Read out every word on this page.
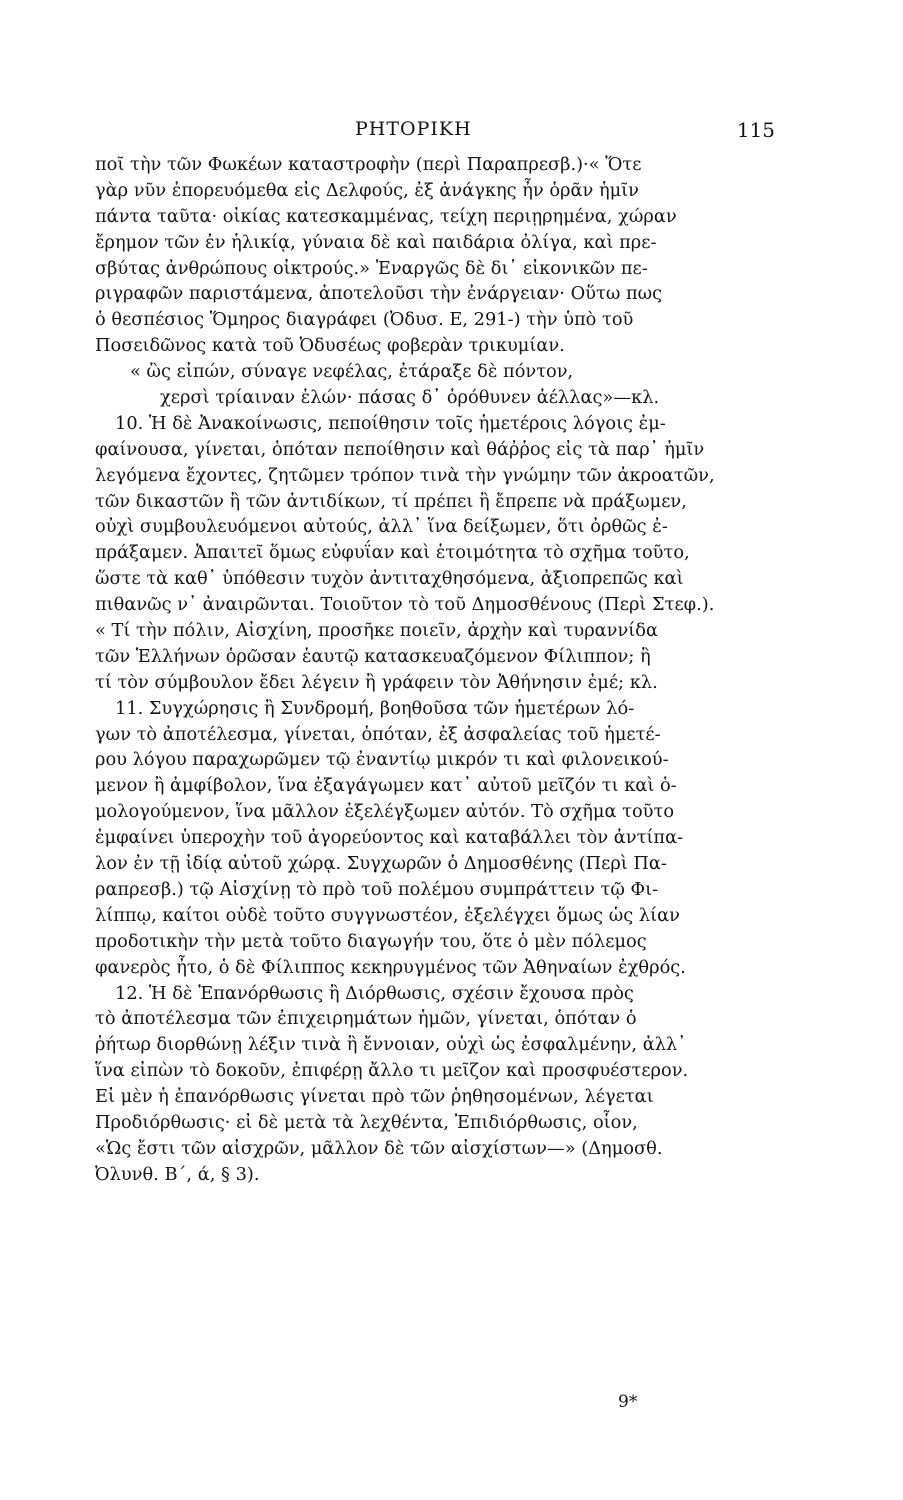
ΡΗΤΟΡΙΚΗ	115
ποῖ τὴν τῶν Φωκέων καταστροφὴν (περὶ Παραπρεσβ.)·« Ὅτε
γὰρ νῦν ἐπορευόμεθα εἰς Δελφούς, ἐξ ἀνάγκης ἦν ὁρᾶν ἡμῖν
πάντα ταῦτα· οἰκίας κατεσκαμμένας, τείχη περιῃρημένα, χώραν
ἔρημον τῶν ἐν ἡλικίᾳ, γύναια δὲ καὶ παιδάρια ὀλίγα, καὶ πρε-
σβύτας ἀνθρώπους οἰκτρούς.» Ἐναργῶς δὲ δι᾽ εἰκονικῶν πε-
ριγραφῶν παριστάμενα, ἀποτελοῦσι τὴν ἐνάργειαν· Οὕτω πως
ὁ θεσπέσιος Ὅμηρος διαγράφει (Ὀδυσ. Ε, 291-) τὴν ὑπὸ τοῦ
Ποσειδῶνος κατὰ τοῦ Ὀδυσέως φοβερὰν τρικυμίαν.
« ὣς εἰπών, σύναγε νεφέλας, ἐτάραξε δὲ πόντον,
χερσὶ τρίαιναν ἑλών· πάσας δ᾽ ὀρόθυνεν ἀέλλας»—κλ.
10. Ἡ δὲ Ἀνακοίνωσις, πεποίθησιν τοῖς ἡμετέροις λόγοις ἐμ-
φαίνουσα, γίνεται, ὁπόταν πεποίθησιν καὶ θάῤῥος εἰς τὰ παρ᾽ ἡμῖν
λεγόμενα ἔχοντες, ζητῶμεν τρόπον τινὰ τὴν γνώμην τῶν ἀκροατῶν,
τῶν δικαστῶν ἢ τῶν ἀντιδίκων, τί πρέπει ἢ ἔπρεπε νὰ πράξωμεν,
οὐχὶ συμβουλευόμενοι αὐτούς, ἀλλ᾽ ἵνα δείξωμεν, ὅτι ὀρθῶς ἐ-
πράξαμεν. Ἀπαιτεῖ ὅμως εὐφυΐαν καὶ ἑτοιμότητα τὸ σχῆμα τοῦτο,
ὥστε τὰ καθ᾽ ὑπόθεσιν τυχὸν ἀντιταχθησόμενα, ἀξιοπρεπῶς καὶ
πιθανῶς ν᾽ ἀναιρῶνται. Τοιοῦτον τὸ τοῦ Δημοσθένους (Περὶ Στεφ.).
« Τί τὴν πόλιν, Αἰσχίνη, προσῆκε ποιεῖν, ἀρχὴν καὶ τυραννίδα
τῶν Ἑλλήνων ὁρῶσαν ἑαυτῷ κατασκευαζόμενον Φίλιππον; ἢ
τί τὸν σύμβουλον ἔδει λέγειν ἢ γράφειν τὸν Ἀθήνησιν ἐμέ; κλ.
11. Συγχώρησις ἢ Συνδρομή, βοηθοῦσα τῶν ἡμετέρων λό-
γων τὸ ἀποτέλεσμα, γίνεται, ὁπόταν, ἐξ ἀσφαλείας τοῦ ἡμετέ-
ρου λόγου παραχωρῶμεν τῷ ἐναντίῳ μικρόν τι καὶ φιλονεικού-
μενον ἢ ἀμφίβολον, ἵνα ἐξαγάγωμεν κατ᾽ αὐτοῦ μεῖζόν τι καὶ ὁ-
μολογούμενον, ἵνα μᾶλλον ἐξελέγξωμεν αὐτόν. Τὸ σχῆμα τοῦτο
ἐμφαίνει ὑπεροχὴν τοῦ ἀγορεύοντος καὶ καταβάλλει τὸν ἀντίπα-
λον ἐν τῇ ἰδίᾳ αὐτοῦ χώρᾳ. Συγχωρῶν ὁ Δημοσθένης (Περὶ Πα-
ραπρεσβ.) τῷ Αἰσχίνῃ τὸ πρὸ τοῦ πολέμου συμπράττειν τῷ Φι-
λίππῳ, καίτοι οὐδὲ τοῦτο συγγνωστέον, ἐξελέγχει ὅμως ὡς λίαν
προδοτικὴν τὴν μετὰ τοῦτο διαγωγήν του, ὅτε ὁ μὲν πόλεμος
φανερὸς ἦτο, ὁ δὲ Φίλιππος κεκηρυγμένος τῶν Ἀθηναίων ἐχθρός.
12. Ἡ δὲ Ἐπανόρθωσις ἢ Διόρθωσις, σχέσιν ἔχουσα πρὸς
τὸ ἀποτέλεσμα τῶν ἐπιχειρημάτων ἡμῶν, γίνεται, ὁπόταν ὁ
ῥήτωρ διορθώνῃ λέξιν τινὰ ἢ ἔννοιαν, οὐχὶ ὡς ἐσφαλμένην, ἀλλ᾽
ἵνα εἰπὼν τὸ δοκοῦν, ἐπιφέρῃ ἄλλο τι μεῖζον καὶ προσφυέστερον.
Εἰ μὲν ἡ ἐπανόρθωσις γίνεται πρὸ τῶν ῥηθησομένων, λέγεται
Προδιόρθωσις· εἰ δὲ μετὰ τὰ λεχθέντα, Ἐπιδιόρθωσις, οἷον,
«Ὡς ἔστι τῶν αἰσχρῶν, μᾶλλον δὲ τῶν αἰσχίστων—» (Δημοσθ.
Ὀλυνθ. Β΄, ά, § 3).
9*
